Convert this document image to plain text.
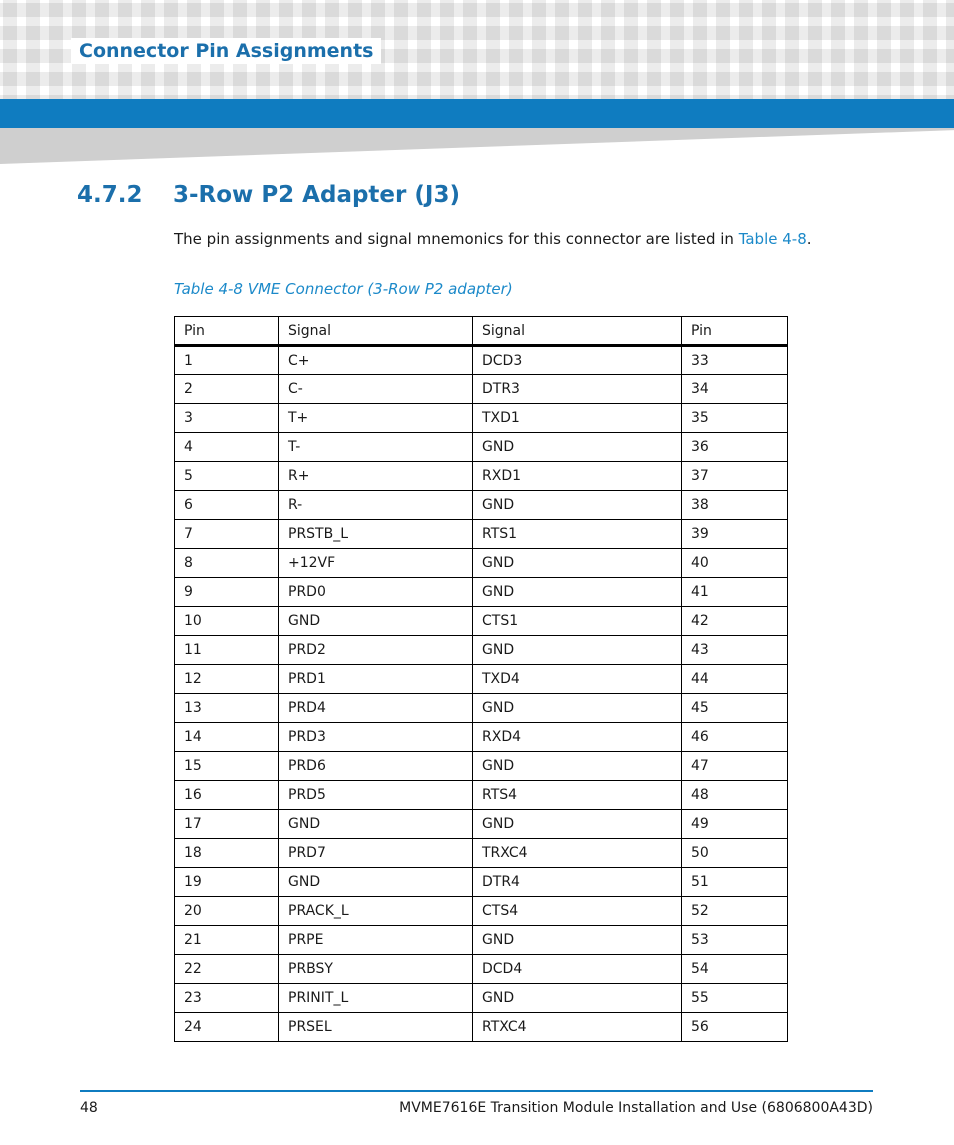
Connector Pin Assignments
4.7.2 3-Row P2 Adapter (J3)
The pin assignments and signal mnemonics for this connector are listed in Table 4-8.
Table 4-8 VME Connector (3-Row P2 adapter)
Pin	Signal	Signal	Pin
1	C+	DCD3	33
2	C-	DTR3	34
3	T+	TXD1	35
4	T-	GND	36
5	R+	RXD1	37
6	R-	GND	38
7	PRSTB_L	RTS1	39
8	+12VF	GND	40
9	PRD0	GND	41
10	GND	CTS1	42
11	PRD2	GND	43
12	PRD1	TXD4	44
13	PRD4	GND	45
14	PRD3	RXD4	46
15	PRD6	GND	47
16	PRD5	RTS4	48
17	GND	GND	49
18	PRD7	TRXC4	50
19	GND	DTR4	51
20	PRACK_L	CTS4	52
21	PRPE	GND	53
22	PRBSY	DCD4	54
23	PRINIT_L	GND	55
24	PRSEL	RTXC4	56
48	MVME7616E Transition Module Installation and Use (6806800A43D)
